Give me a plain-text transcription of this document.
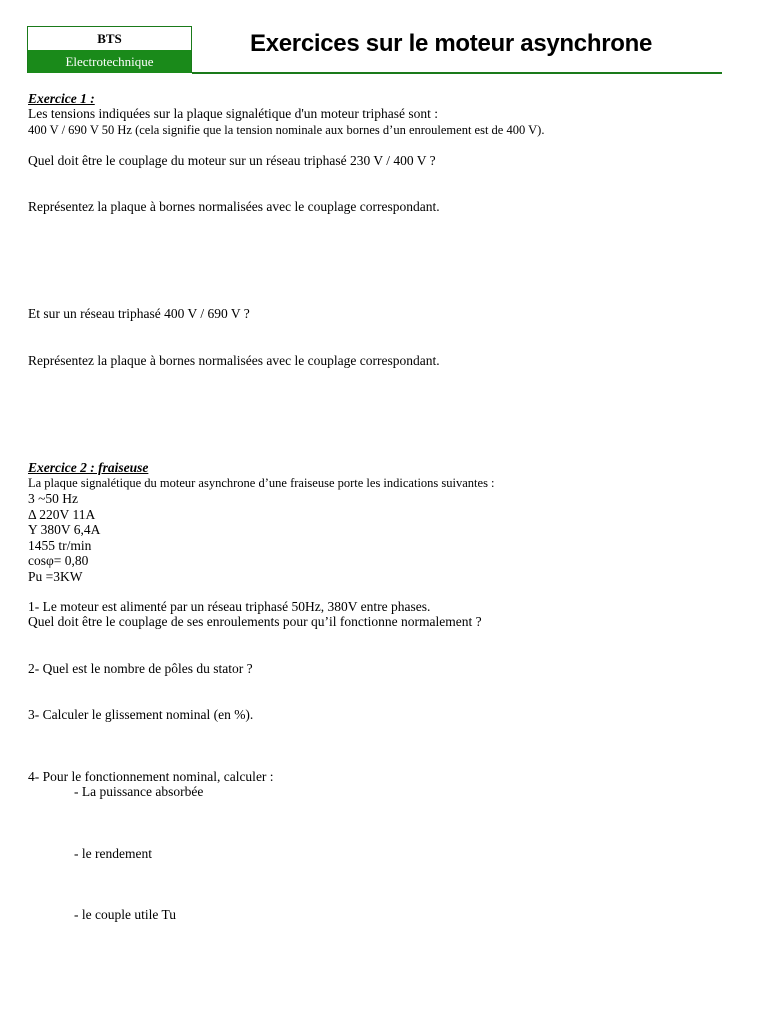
BTS
Electrotechnique
Exercices sur le moteur asynchrone
Exercice 1 :
Les tensions indiquées sur la plaque signalétique d'un moteur triphasé sont :
400 V / 690 V 50 Hz (cela signifie que la tension nominale aux bornes d’un enroulement est de 400 V).
Quel doit être le couplage du moteur sur un réseau triphasé 230 V / 400 V ?
Représentez la plaque à bornes normalisées avec le couplage correspondant.
Et sur un réseau triphasé 400 V / 690 V ?
Représentez la plaque à bornes normalisées avec le couplage correspondant.
Exercice 2 : fraiseuse
La plaque signalétique du moteur asynchrone d’une fraiseuse porte les indications suivantes :
3 ~50 Hz
Δ 220V 11A
Y 380V 6,4A
1455 tr/min
cosφ= 0,80
Pu =3KW
1- Le moteur est alimenté par un réseau triphasé 50Hz, 380V entre phases.
Quel doit être le couplage de ses enroulements pour qu’il fonctionne normalement ?
2- Quel est le nombre de pôles du stator ?
3- Calculer le glissement nominal (en %).
4- Pour le fonctionnement nominal, calculer :
- La puissance absorbée
- le rendement
- le couple utile Tu
